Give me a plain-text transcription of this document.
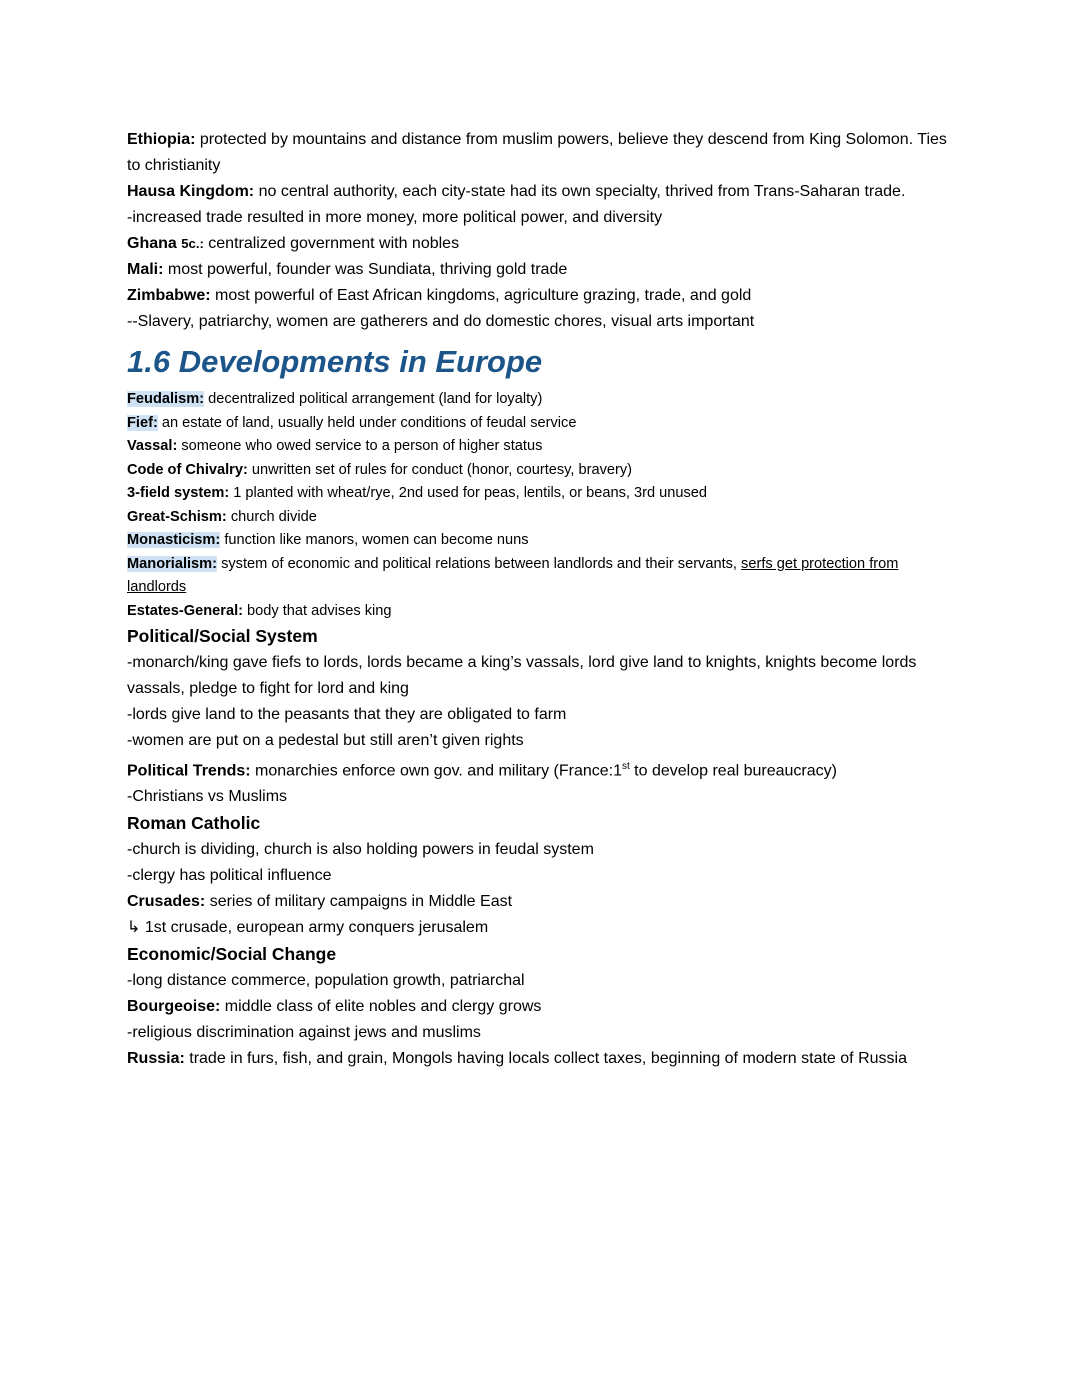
Ethiopia: protected by mountains and distance from muslim powers, believe they descend from King Solomon. Ties to christianity

Hausa Kingdom: no central authority, each city-state had its own specialty, thrived from Trans-Saharan trade.

-increased trade resulted in more money, more political power, and diversity

Ghana 5c.: centralized government with nobles

Mali: most powerful, founder was Sundiata, thriving gold trade

Zimbabwe: most powerful of East African kingdoms, agriculture grazing, trade, and gold

--Slavery, patriarchy, women are gatherers and do domestic chores, visual arts important

1.6 Developments in Europe

Feudalism: decentralized political arrangement (land for loyalty)

Fief: an estate of land, usually held under conditions of feudal service

Vassal: someone who owed service to a person of higher status

Code of Chivalry: unwritten set of rules for conduct (honor, courtesy, bravery)

3-field system: 1 planted with wheat/rye, 2nd used for peas, lentils, or beans, 3rd unused

Great-Schism: church divide

Monasticism: function like manors, women can become nuns

Manorialism: system of economic and political relations between landlords and their servants, serfs get protection from landlords

Estates-General: body that advises king

Political/Social System

-monarch/king gave fiefs to lords, lords became a king’s vassals, lord give land to knights, knights become lords vassals, pledge to fight for lord and king

-lords give land to the peasants that they are obligated to farm

-women are put on a pedestal but still aren’t given rights

Political Trends: monarchies enforce own gov. and military (France:1st to develop real bureaucracy)

-Christians vs Muslims

Roman Catholic

-church is dividing, church is also holding powers in feudal system

-clergy has political influence

Crusades: series of military campaigns in Middle East

↳ 1st crusade, european army conquers jerusalem

Economic/Social Change

-long distance commerce, population growth, patriarchal

Bourgeoise: middle class of elite nobles and clergy grows

-religious discrimination against jews and muslims

Russia: trade in furs, fish, and grain, Mongols having locals collect taxes, beginning of modern state of Russia
